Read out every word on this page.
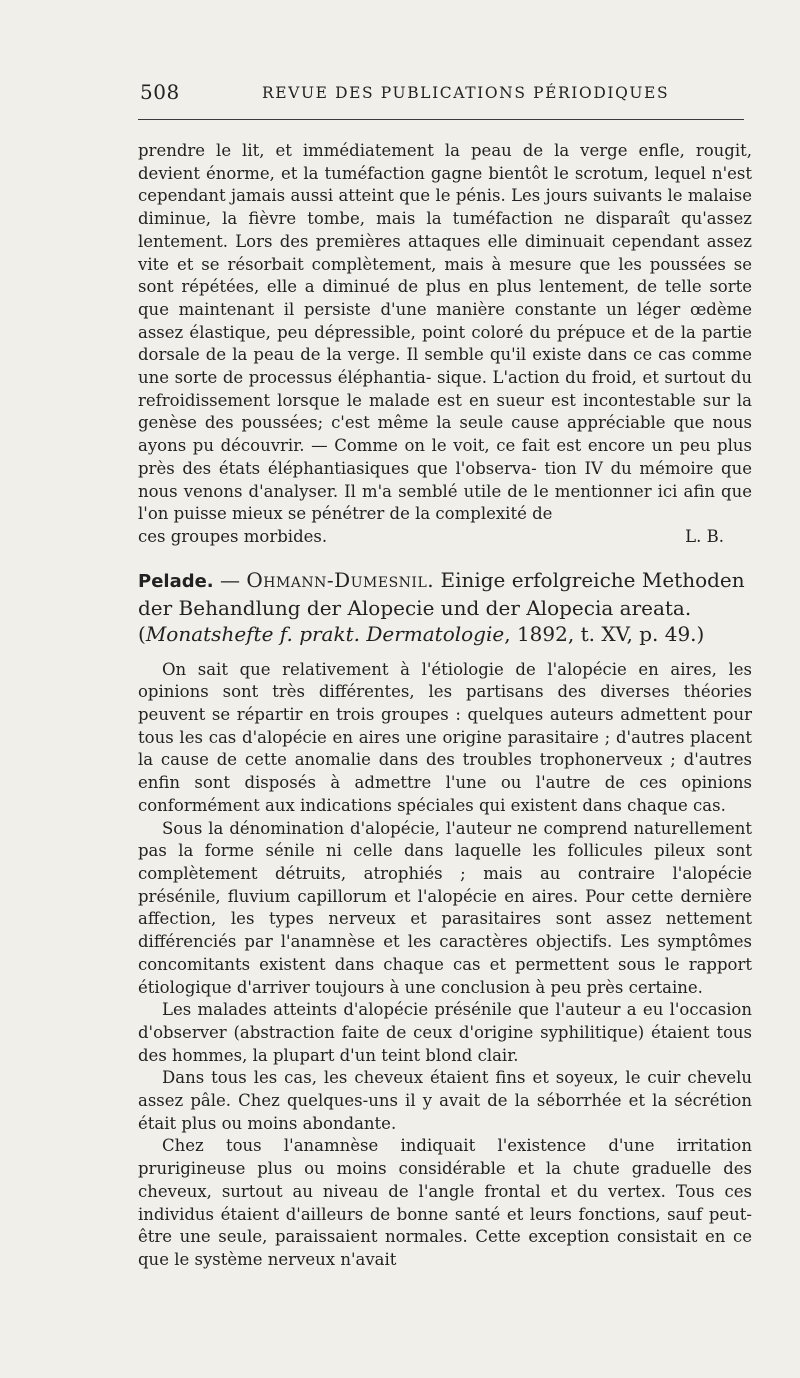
508	REVUE DES PUBLICATIONS PÉRIODIQUES

prendre le lit, et immédiatement la peau de la verge enfle, rougit, devient énorme, et la tuméfaction gagne bientôt le scrotum, lequel n'est cependant jamais aussi atteint que le pénis. Les jours suivants le malaise diminue, la fièvre tombe, mais la tuméfaction ne disparaît qu'assez lentement. Lors des premières attaques elle diminuait cependant assez vite et se résorbait complètement, mais à mesure que les poussées se sont répétées, elle a diminué de plus en plus lentement, de telle sorte que maintenant il persiste d'une manière constante un léger œdème assez élastique, peu dépressible, point coloré du prépuce et de la partie dorsale de la peau de la verge. Il semble qu'il existe dans ce cas comme une sorte de processus éléphantia- sique. L'action du froid, et surtout du refroidissement lorsque le malade est en sueur est incontestable sur la genèse des poussées; c'est même la seule cause appréciable que nous ayons pu découvrir. — Comme on le voit, ce fait est encore un peu plus près des états éléphantiasiques que l'observa- tion IV du mémoire que nous venons d'analyser. Il m'a semblé utile de le mentionner ici afin que l'on puisse mieux se pénétrer de la complexité de

ces groupes morbides.	L. B.

Pelade. — Ohmann-Dumesnil. Einige erfolgreiche Methoden der Behandlung der Alopecie und der Alopecia areata. (Monatshefte f. prakt. Dermatologie, 1892, t. XV, p. 49.)

On sait que relativement à l'étiologie de l'alopécie en aires, les opinions sont très différentes, les partisans des diverses théories peuvent se répartir en trois groupes : quelques auteurs admettent pour tous les cas d'alopécie en aires une origine parasitaire ; d'autres placent la cause de cette anomalie dans des troubles trophonerveux ; d'autres enfin sont disposés à admettre l'une ou l'autre de ces opinions conformément aux indications spéciales qui existent dans chaque cas.

Sous la dénomination d'alopécie, l'auteur ne comprend naturellement pas la forme sénile ni celle dans laquelle les follicules pileux sont complètement détruits, atrophiés ; mais au contraire l'alopécie présénile, fluvium capillorum et l'alopécie en aires. Pour cette dernière affection, les types nerveux et parasitaires sont assez nettement différenciés par l'anamnèse et les caractères objectifs. Les symptômes concomitants existent dans chaque cas et permettent sous le rapport étiologique d'arriver toujours à une conclusion à peu près certaine.

Les malades atteints d'alopécie présénile que l'auteur a eu l'occasion d'observer (abstraction faite de ceux d'origine syphilitique) étaient tous des hommes, la plupart d'un teint blond clair.

Dans tous les cas, les cheveux étaient fins et soyeux, le cuir chevelu assez pâle. Chez quelques-uns il y avait de la séborrhée et la sécrétion était plus ou moins abondante.

Chez tous l'anamnèse indiquait l'existence d'une irritation prurigineuse plus ou moins considérable et la chute graduelle des cheveux, surtout au niveau de l'angle frontal et du vertex. Tous ces individus étaient d'ailleurs de bonne santé et leurs fonctions, sauf peut-être une seule, paraissaient normales. Cette exception consistait en ce que le système nerveux n'avait
